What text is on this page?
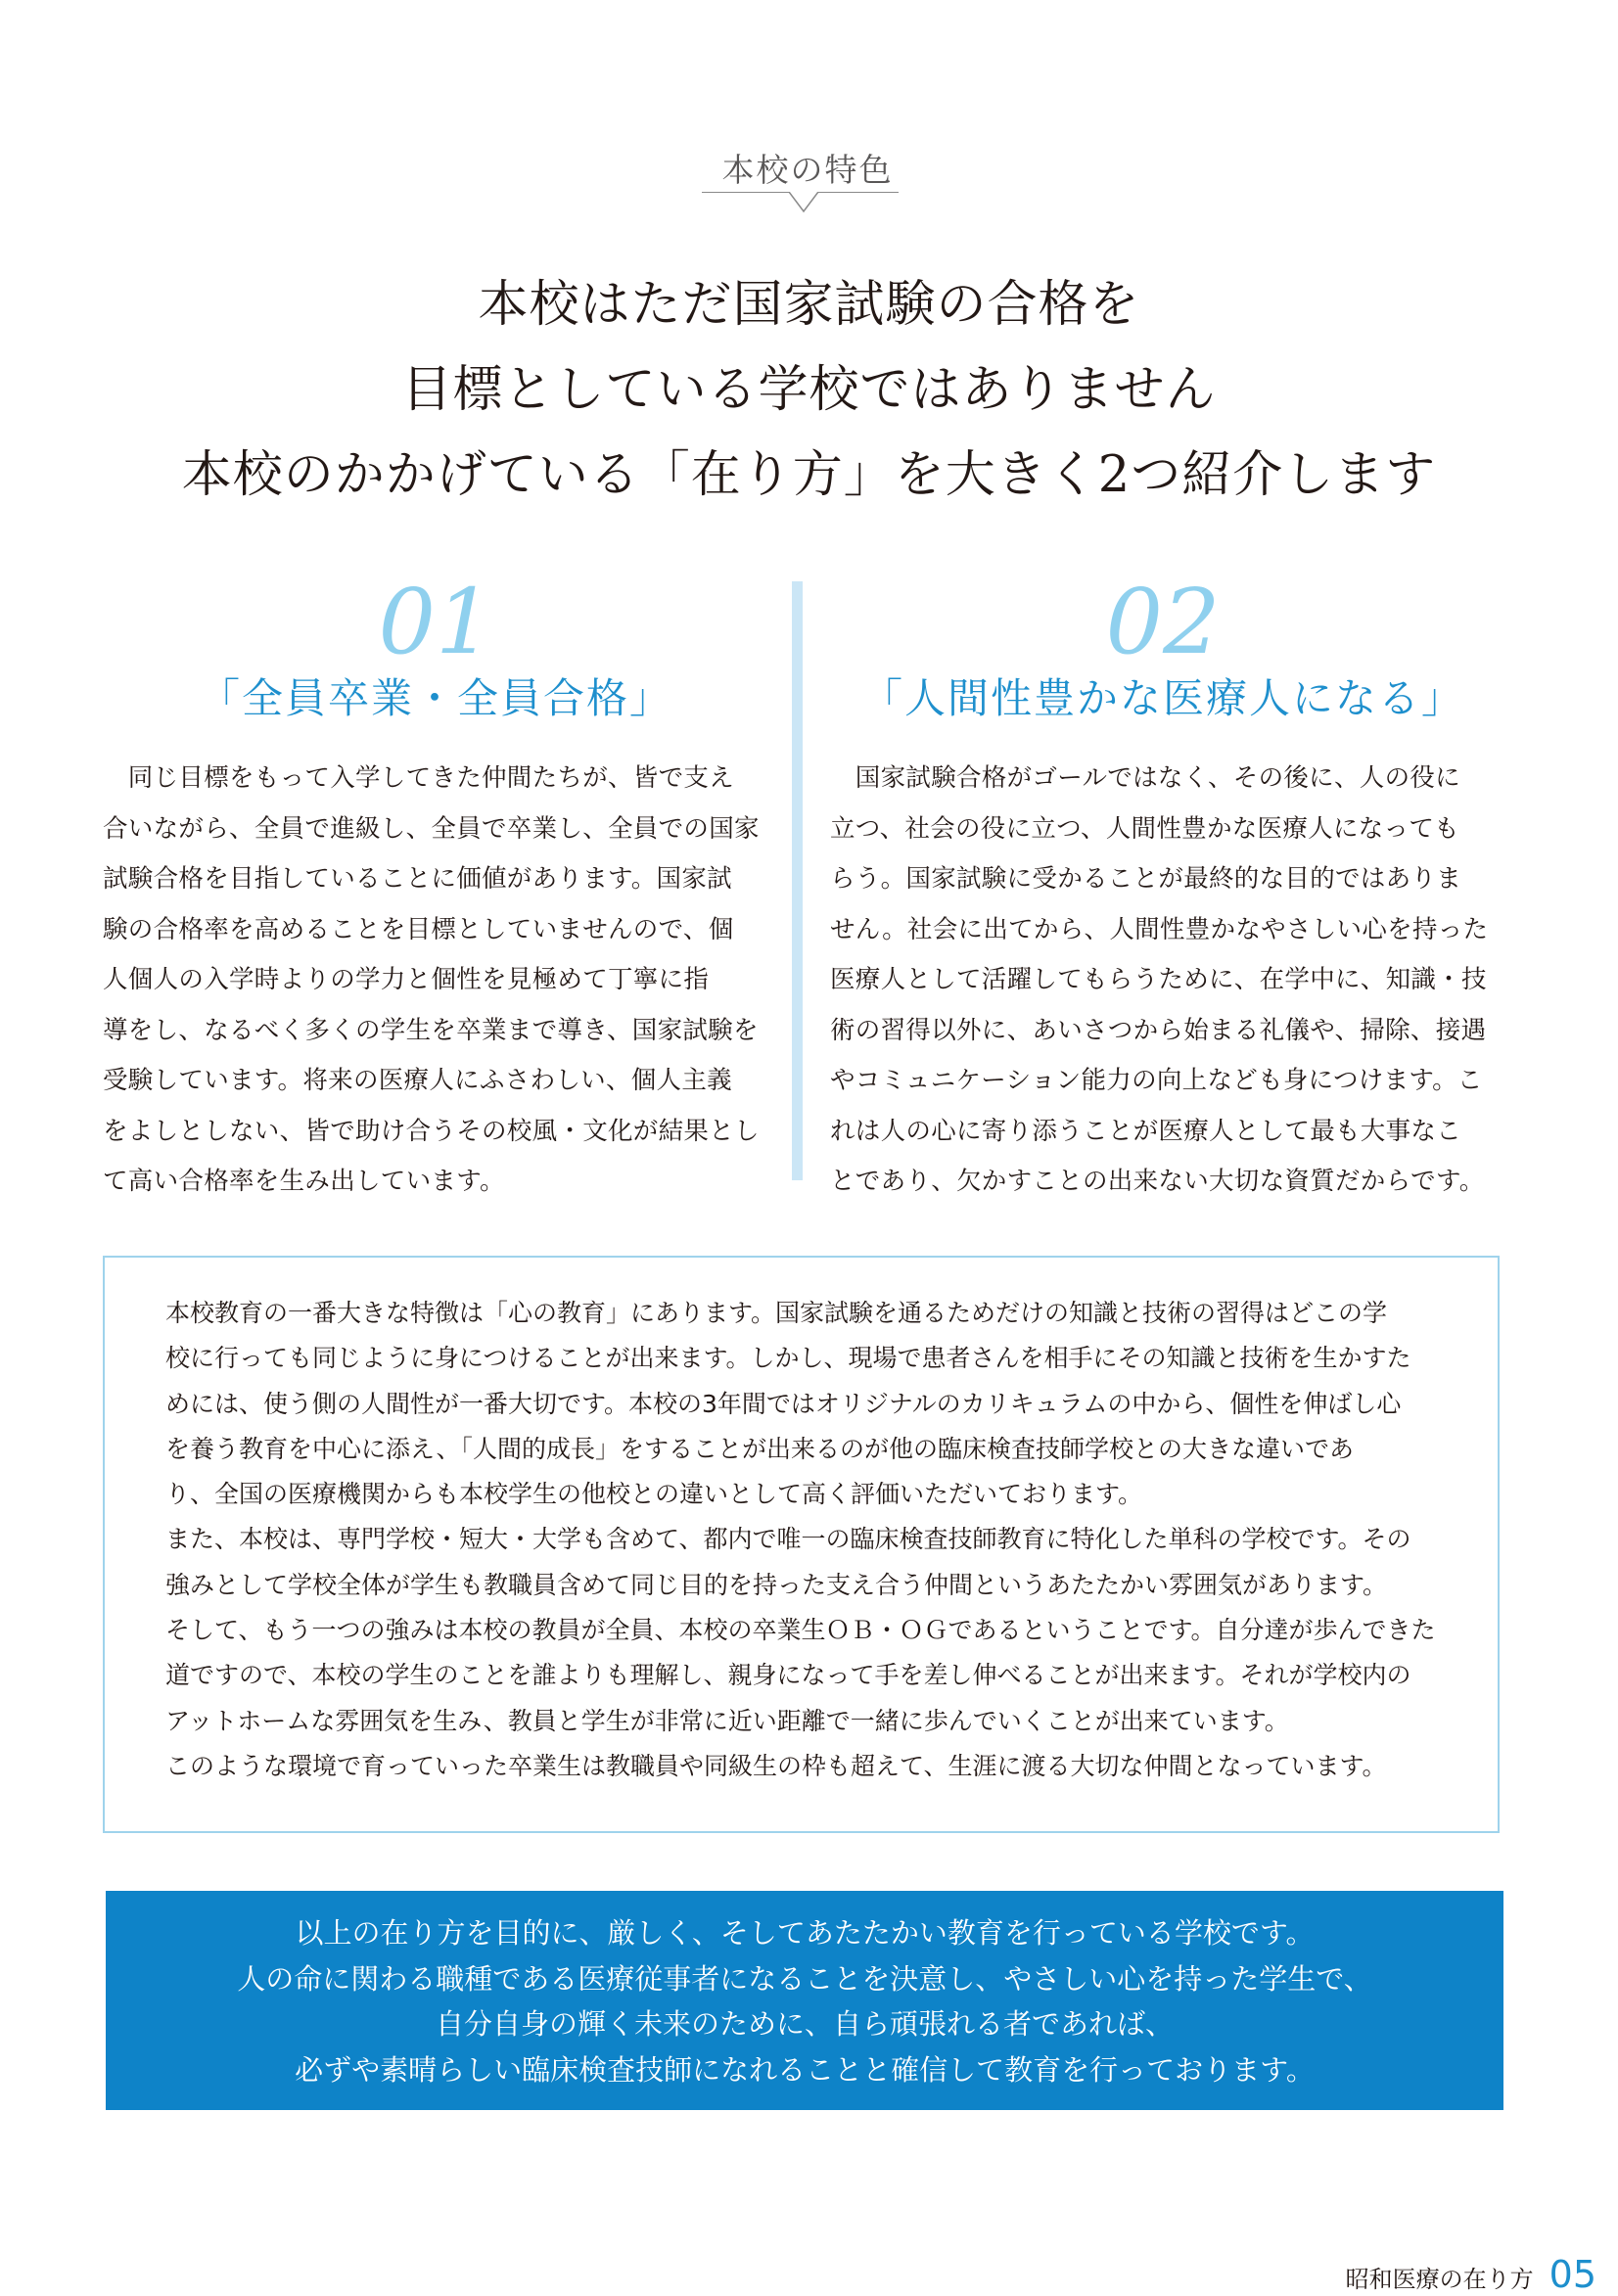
本校の特色
本校はただ国家試験の合格を
目標としている学校ではありません
本校のかかげている「在り方」を大きく2つ紹介します
01
「全員卒業・全員合格」
　同じ目標をもって入学してきた仲間たちが、皆で支え
合いながら、全員で進級し、全員で卒業し、全員での国家
試験合格を目指していることに価値があります。国家試
験の合格率を高めることを目標としていませんので、個
人個人の入学時よりの学力と個性を見極めて丁寧に指
導をし、なるべく多くの学生を卒業まで導き、国家試験を
受験しています。将来の医療人にふさわしい、個人主義
をよしとしない、皆で助け合うその校風・文化が結果とし
て高い合格率を生み出しています。
02
「人間性豊かな医療人になる」
　国家試験合格がゴールではなく、その後に、人の役に
立つ、社会の役に立つ、人間性豊かな医療人になっても
らう。国家試験に受かることが最終的な目的ではありま
せん。社会に出てから、人間性豊かなやさしい心を持った
医療人として活躍してもらうために、在学中に、知識・技
術の習得以外に、あいさつから始まる礼儀や、掃除、接遇
やコミュニケーション能力の向上なども身につけます。こ
れは人の心に寄り添うことが医療人として最も大事なこ
とであり、欠かすことの出来ない大切な資質だからです。
本校教育の一番大きな特徴は「心の教育」にあります。国家試験を通るためだけの知識と技術の習得はどこの学
校に行っても同じように身につけることが出来ます。しかし、現場で患者さんを相手にその知識と技術を生かすた
めには、使う側の人間性が一番大切です。本校の3年間ではオリジナルのカリキュラムの中から、個性を伸ばし心
を養う教育を中心に添え、「人間的成長」をすることが出来るのが他の臨床検査技師学校との大きな違いであ
り、全国の医療機関からも本校学生の他校との違いとして高く評価いただいております。
また、本校は、専門学校・短大・大学も含めて、都内で唯一の臨床検査技師教育に特化した単科の学校です。その
強みとして学校全体が学生も教職員含めて同じ目的を持った支え合う仲間というあたたかい雰囲気があります。
そして、もう一つの強みは本校の教員が全員、本校の卒業生ＯＢ・ＯＧであるということです。自分達が歩んできた
道ですので、本校の学生のことを誰よりも理解し、親身になって手を差し伸べることが出来ます。それが学校内の
アットホームな雰囲気を生み、教員と学生が非常に近い距離で一緒に歩んでいくことが出来ています。
このような環境で育っていった卒業生は教職員や同級生の枠も超えて、生涯に渡る大切な仲間となっています。
以上の在り方を目的に、厳しく、そしてあたたかい教育を行っている学校です。
人の命に関わる職種である医療従事者になることを決意し、やさしい心を持った学生で、
自分自身の輝く未来のために、自ら頑張れる者であれば、
必ずや素晴らしい臨床検査技師になれることと確信して教育を行っております。
昭和医療の在り方 05
